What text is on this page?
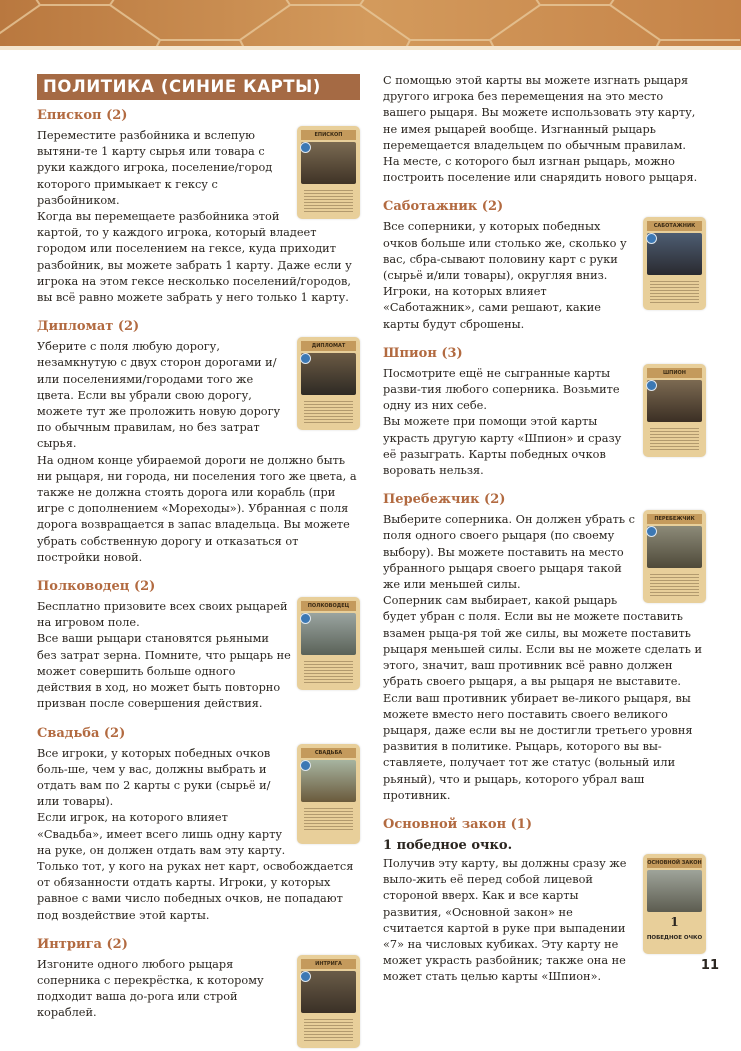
ПОЛИТИКА (СИНИЕ КАРТЫ)
Епископ (2)
ЕПИСКОП

Переместите разбойника и вслепую вытяни-те 1 карту сырья или товара с руки каждого игрока, поселение/город которого примыкает к гексу с разбойником.

Когда вы перемещаете разбойника этой картой, то у каждого игрока, который владеет городом или поселением на гексе, куда приходит разбойник, вы можете забрать 1 карту. Даже если у игрока на этом гексе несколько поселений/городов, вы всё равно можете забрать у него только 1 карту.

Дипломат (2)
ДИПЛОМАТ

Уберите с поля любую дорогу, незамкнутую с двух сторон дорогами и/или поселениями/городами того же цвета. Если вы убрали свою дорогу, можете тут же проложить новую дорогу по обычным правилам, но без затрат сырья.

На одном конце убираемой дороги не должно быть ни рыцаря, ни города, ни поселения того же цвета, а также не должна стоять дорога или корабль (при игре с дополнением «Мореходы»). Убранная с поля дорога возвращается в запас владельца. Вы можете убрать собственную дорогу и отказаться от постройки новой.

Полководец (2)
ПОЛКОВОДЕЦ

Бесплатно призовите всех своих рыцарей на игровом поле.

Все ваши рыцари становятся рьяными без затрат зерна. Помните, что рыцарь не может совершить больше одного действия в ход, но может быть повторно призван после совершения действия.

Свадьба (2)
СВАДЬБА

Все игроки, у которых победных очков боль-ше, чем у вас, должны выбрать и отдать вам по 2 карты с руки (сырьё и/или товары).

Если игрок, на которого влияет «Свадьба», имеет всего лишь одну карту на руке, он должен отдать вам эту карту. Только тот, у кого на руках нет карт, освобождается от обязанности отдать карты. Игроки, у которых равное с вами число победных очков, не попадают под воздействие этой карты.

Интрига (2)
ИНТРИГА

Изгоните одного любого рыцаря соперника с перекрёстка, к которому подходит ваша до-рога или строй кораблей.

С помощью этой карты вы можете изгнать рыцаря другого игрока без перемещения на это место вашего рыцаря. Вы можете использовать эту карту, не имея рыцарей вообще. Изгнанный рыцарь перемещается владельцем по обычным правилам. На месте, с которого был изгнан рыцарь, можно построить поселение или снарядить нового рыцаря.

Саботажник (2)
САБОТАЖНИК

Все соперники, у которых победных очков больше или столько же, сколько у вас, сбра-сывают половину карт с руки (сырьё и/или товары), округляя вниз.

Игроки, на которых влияет «Саботажник», сами решают, какие карты будут сброшены.

Шпион (3)
ШПИОН

Посмотрите ещё не сыгранные карты разви-тия любого соперника. Возьмите одну из них себе.

Вы можете при помощи этой карты украсть другую карту «Шпион» и сразу её разыграть. Карты победных очков воровать нельзя.

Перебежчик (2)
ПЕРЕБЕЖЧИК

Выберите соперника. Он должен убрать с поля одного своего рыцаря (по своему выбору). Вы можете поставить на место убранного рыцаря своего рыцаря такой же или меньшей силы.

Соперник сам выбирает, какой рыцарь будет убран с поля. Если вы не можете поставить взамен рыца-ря той же силы, вы можете поставить рыцаря меньшей силы. Если вы не можете сделать и этого, значит, ваш противник всё равно должен убрать своего рыцаря, а вы рыцаря не выставите. Если ваш противник убирает ве-ликого рыцаря, вы можете вместо него поставить своего великого рыцаря, даже если вы не достигли третьего уровня развития в политике. Рыцарь, которого вы вы-ставляете, получает тот же статус (вольный или рьяный), что и рыцарь, которого убрал ваш противник.

Основной закон (1)
1 победное очко.
ОСНОВНОЙ ЗАКОН
1
ПОБЕДНОЕ ОЧКО

Получив эту карту, вы должны сразу же выло-жить её перед собой лицевой стороной вверх. Как и все карты развития, «Основной закон» не считается картой в руке при выпадении «7» на числовых кубиках. Эту карту не может украсть разбойник; также она не может стать целью карты «Шпион».

11
